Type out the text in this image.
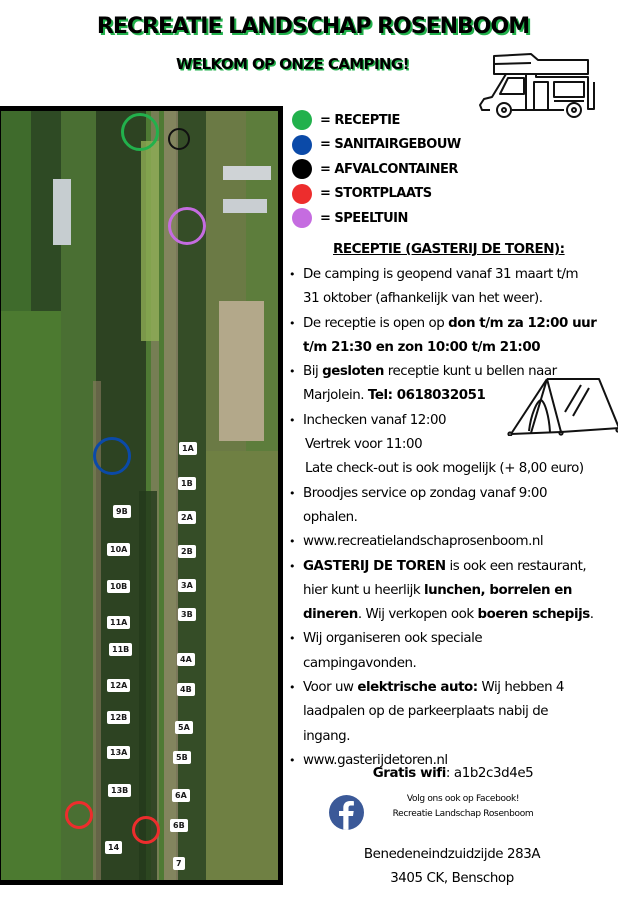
RECREATIE LANDSCHAP ROSENBOOM
WELKOM OP ONZE CAMPING!
1A
1B
2A
2B
3A
3B
4A
4B
5A
5B
6A
6B
7
9B
10A
10B
11A
11B
12A
12B
13A
13B
14
= RECEPTIE
= SANITAIRGEBOUW
= AFVALCONTAINER
= STORTPLAATS
= SPEELTUIN
RECEPTIE (GASTERIJ DE TOREN):
• De camping is geopend vanaf 31 maart t/m
31 oktober (afhankelijk van het weer).
• De receptie is open op don t/m za 12:00 uur
t/m 21:30 en zon 10:00 t/m 21:00
• Bij gesloten receptie kunt u bellen naar
Marjolein. Tel: 0618032051
• Inchecken vanaf 12:00
Vertrek voor 11:00
Late check-out is ook mogelijk (+ 8,00 euro)
• Broodjes service op zondag vanaf 9:00
ophalen.
• www.recreatielandschaprosenboom.nl
• GASTERIJ DE TOREN is ook een restaurant,
hier kunt u heerlijk lunchen, borrelen en
dineren. Wij verkopen ook boeren schepijs.
• Wij organiseren ook speciale
campingavonden.
• Voor uw elektrische auto: Wij hebben 4
laadpalen op de parkeerplaats nabij de
ingang.
• www.gasterijdetoren.nl
Gratis wifi: a1b2c3d4e5
Volg ons ook op Facebook!
Recreatie Landschap Rosenboom
Benedeneindzuidzijde 283A
3405 CK, Benschop
